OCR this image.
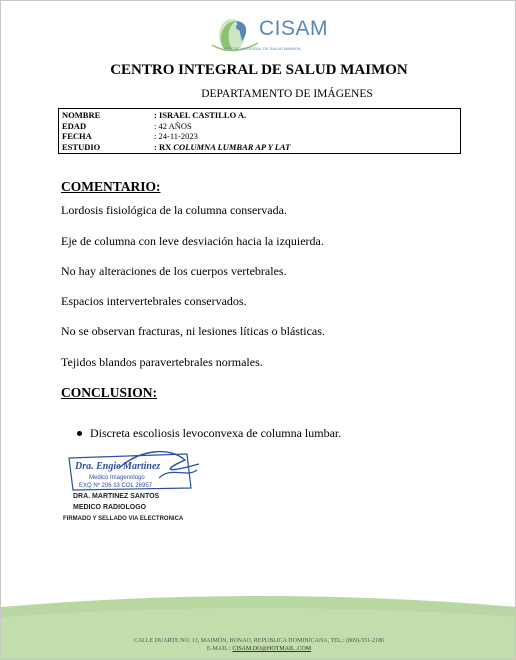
CISAM
CENTRO INTEGRAL DE SALUD MAIMON
CENTRO INTEGRAL DE SALUD MAIMON
DEPARTAMENTO DE IMÁGENES
NOMBRE	: ISRAEL CASTILLO A.
EDAD	: 42 AÑOS
FECHA	: 24-11-2023
ESTUDIO	: RX COLUMNA LUMBAR AP Y LAT
COMENTARIO:
Lordosis fisiológica de la columna conservada.
Eje de columna con leve desviación hacia la izquierda.
No hay alteraciones de los cuerpos vertebrales.
Espacios intervertebrales conservados.
No se observan fracturas, ni lesiones líticas o blásticas.
Tejidos blandos paravertebrales normales.
CONCLUSION:
Discreta escoliosis levoconvexa de columna lumbar.
Dra. Engie Martinez
Medico Imagenologo
EXQ Nº 206 13 COL 26957
DRA. MARTINEZ SANTOS
MEDICO RADIOLOGO
FIRMADO Y SELLADO VIA ELECTRONICA
CALLE DUARTE NO. 13, MAIMÓN, BONAO, REPUBLICA DOMINICANA, TEL.: (809)-551-2186
E-MAIL : CISAM.DO@HOTMAIL .COM
